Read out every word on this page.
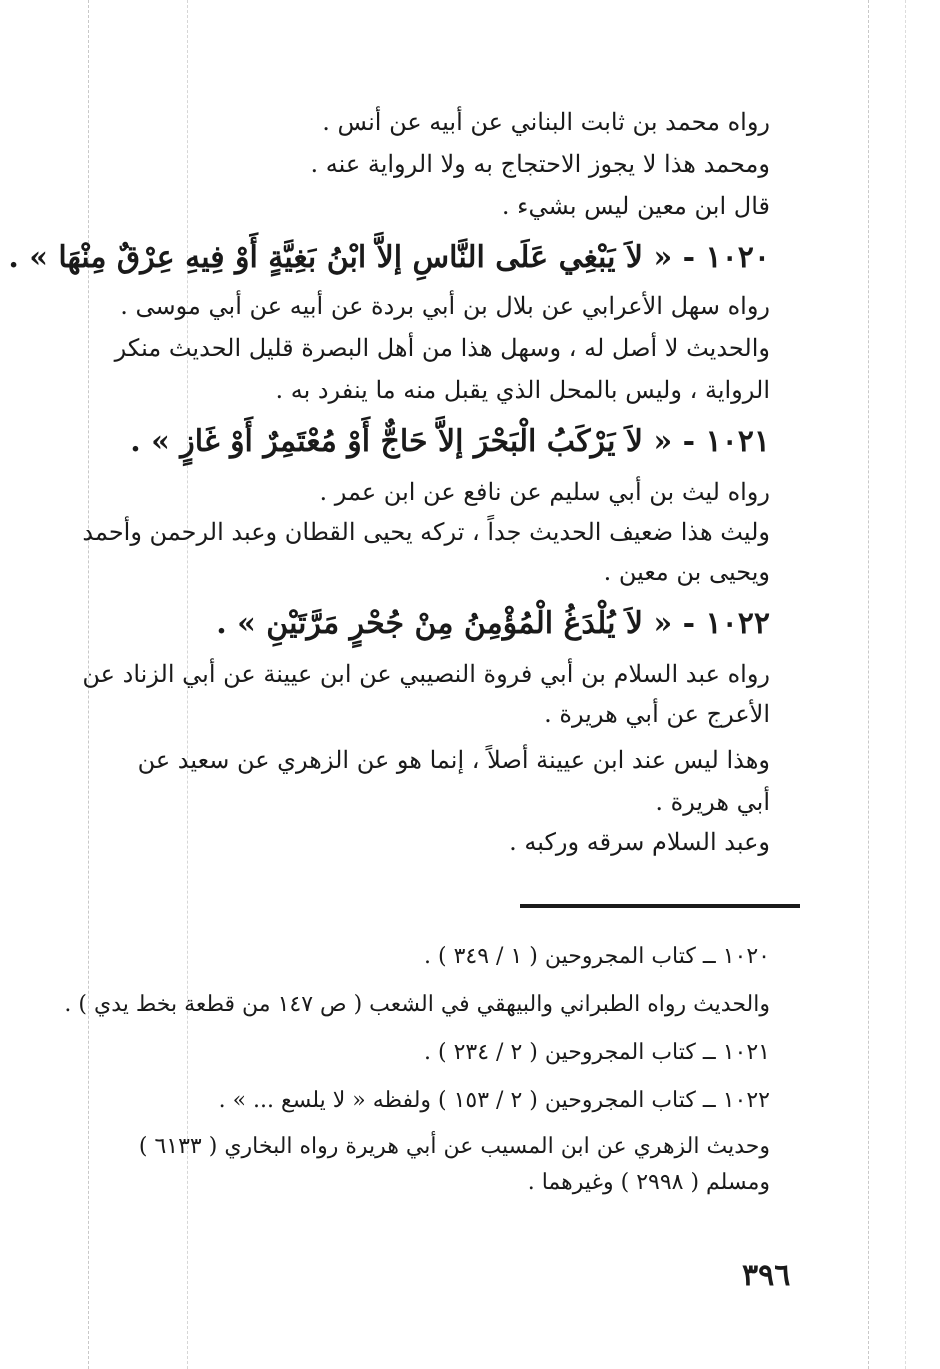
رواه محمد بن ثابت البناني عن أبيه عن أنس .
ومحمد هذا لا يجوز الاحتجاج به ولا الرواية عنه .
قال ابن معين ليس بشيء .
١٠٢٠ - « لاَ يَبْغِي عَلَى النَّاسِ إلاَّ ابْنُ بَغِيَّةٍ أَوْ فِيهِ عِرْقٌ مِنْهَا » .
رواه سهل الأعرابي عن بلال بن أبي بردة عن أبيه عن أبي موسى .
والحديث لا أصل له ، وسهل هذا من أهل البصرة قليل الحديث منكر
الرواية ، وليس بالمحل الذي يقبل منه ما ينفرد به .
١٠٢١ - « لاَ يَرْكَبُ الْبَحْرَ إلاَّ حَاجٌّ أَوْ مُعْتَمِرٌ أَوْ غَازٍ » .
رواه ليث بن أبي سليم عن نافع عن ابن عمر .
وليث هذا ضعيف الحديث جداً ، تركه يحيى القطان وعبد الرحمن وأحمد
ويحيى بن معين .
١٠٢٢ - « لاَ يُلْدَغُ الْمُؤْمِنُ مِنْ جُحْرٍ مَرَّتَيْنِ » .
رواه عبد السلام بن أبي فروة النصيبي عن ابن عيينة عن أبي الزناد عن
الأعرج عن أبي هريرة .
وهذا ليس عند ابن عيينة أصلاً ، إنما هو عن الزهري عن سعيد عن
أبي هريرة .
وعبد السلام سرقه وركبه .
١٠٢٠ ــ كتاب المجروحين ( ١ / ٣٤٩ ) .
والحديث رواه الطبراني والبيهقي في الشعب ( ص ١٤٧ من قطعة بخط يدي ) .
١٠٢١ ــ كتاب المجروحين ( ٢ / ٢٣٤ ) .
١٠٢٢ ــ كتاب المجروحين ( ٢ / ١٥٣ ) ولفظه « لا يلسع ... » .
وحديث الزهري عن ابن المسيب عن أبي هريرة رواه البخاري ( ٦١٣٣ )
ومسلم ( ٢٩٩٨ ) وغيرهما .
٣٩٦
